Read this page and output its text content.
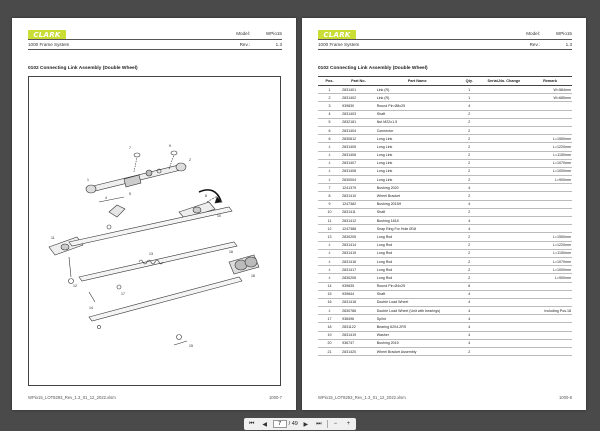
CLARK	Model:	WPio15
1000 Frame System	Rev.:	1.3
0102 Connecting Link Assembly (Double Wheel)
7	9
1
2
4
5	8
10
11
12
13
14
16
18
15
17
WPio15_LOT8293_Rev_1.3_01_12_2022.xlsm	1000-7
CLARK	Model:	WPio15
1000 Frame System	Rev.:	1.3
0102 Connecting Link Assembly (Double Wheel)
Pos.	Part No.	Part Name	Qty.	Serial-No. Change	Remark
1	2831401	Link (R)	1		W=584mm
2	2831402	Link (R)	1		W=685mm
3	939830	Round Pin Ø8x25	4		
4	2831403	Shaft	2		
5	2832181	Nut M22x1.5	2		
6	2831404	Connector	2		
6	2830812	Long Link	2		L=1550mm
4	2831405	Long Link	2		L=1220mm
4	2831406	Long Link	2		L=1150mm
4	2831407	Long Link	2		L=1070mm
4	2831408	Long Link	2		L=1000mm
4	2830004	Long Link	2		L=900mm
7	1241379	Bushing 2020	4		
8	2831410	Wheel Bracket	2		
9	1247382	Bushing 2015H	4		
10	2831411	Shaft	2		
11	2831412	Bushing 1818	4		
12	1247388	Snap Ring For Hole Ø18	4		
13	2830205	Long Rod	2		L=1550mm
4	2831414	Long Rod	2		L=1220mm
4	2831415	Long Rod	2		L=1150mm
4	2831416	Long Rod	2		L=1070mm
4	2831417	Long Rod	2		L=1000mm
4	2830206	Long Rod	2		L=900mm
14	939835	Round Pin Ø4x25	8		
15	939844	Shaft	4		
16	2831418	Double Load Wheel	4		
4	2830786	Double Load Wheel (Unit with bearings)	4		Including Pos.18
17	938496	Splint	4		
18	2831122	Bearing 6204-2RS	4		
19	2831419	Washer	4		
20	936747	Bushing 2015	4		
21	2831420	Wheel Bracket Assembly	2		
WPio15_LOT8293_Rev_1.3_01_12_2022.xlsm	1000-8
⏮	◀
7	/ 49 ▶	⏭	−	+
